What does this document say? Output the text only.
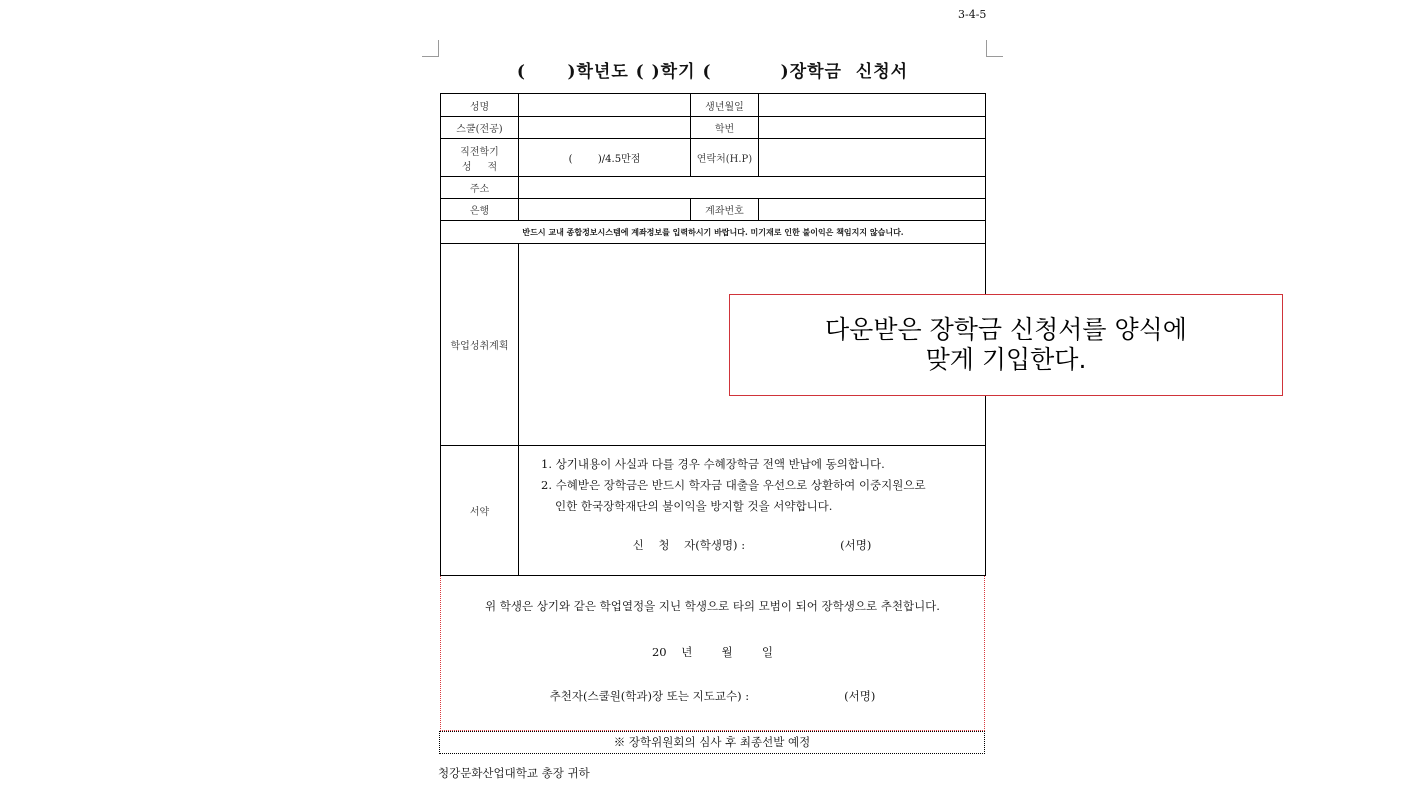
3-4-5
(      )학년도 ( )학기 (          )장학금  신청서
성명		생년월일	
스쿨(전공)		학번	

직전학기
성     적	(        )/4.5만점	연락처(H.P)	
주소			
은행		계좌번호	
반드시 교내 종합정보시스템에 계좌정보를 입력하시기 바랍니다. 미기재로 인한 불이익은 책임지지 않습니다.			
학업성취계획			
서약	1. 상기내용이 사실과 다를 경우 수혜장학금 전액 반납에 동의합니다.

2. 수혜받은 장학금은 반드시 학자금 대출을 우선으로 상환하여 이중지원으로

인한 한국장학재단의 불이익을 방지할 것을 서약합니다.

신    청    자(학생명) :                          (서명)		

위 학생은 상기와 같은 학업열정을 지닌 학생으로 타의 모범이 되어 장학생으로 추천합니다.
20    년        월        일
추천자(스쿨원(학과)장 또는 지도교수) :                          (서명)
※ 장학위원회의 심사 후 최종선발 예정
청강문화산업대학교 총장 귀하
다운받은 장학금 신청서를 양식에
맞게 기입한다.
